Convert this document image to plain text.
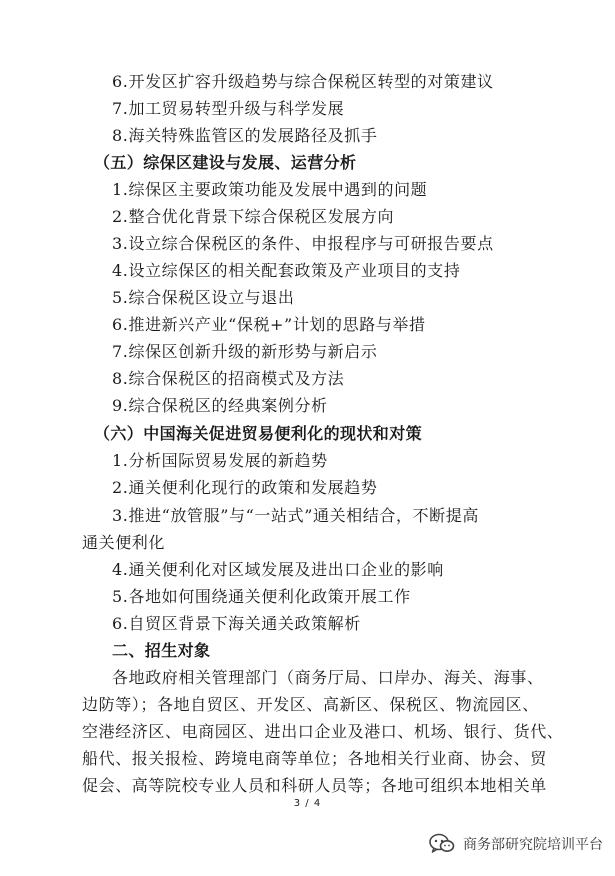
6.开发区扩容升级趋势与综合保税区转型的对策建议
7.加工贸易转型升级与科学发展
8.海关特殊监管区的发展路径及抓手
（五）综保区建设与发展、运营分析
1.综保区主要政策功能及发展中遇到的问题
2.整合优化背景下综合保税区发展方向
3.设立综合保税区的条件、申报程序与可研报告要点
4.设立综保区的相关配套政策及产业项目的支持
5.综合保税区设立与退出
6.推进新兴产业“保税+”计划的思路与举措
7.综保区创新升级的新形势与新启示
8.综合保税区的招商模式及方法
9.综合保税区的经典案例分析
（六）中国海关促进贸易便利化的现状和对策
1.分析国际贸易发展的新趋势
2.通关便利化现行的政策和发展趋势
3.推进“放管服”与“一站式”通关相结合，不断提高
通关便利化
4.通关便利化对区域发展及进出口企业的影响
5.各地如何围绕通关便利化政策开展工作
6.自贸区背景下海关通关政策解析
二、招生对象
各地政府相关管理部门（商务厅局、口岸办、海关、海事、
边防等）；各地自贸区、开发区、高新区、保税区、物流园区、
空港经济区、电商园区、进出口企业及港口、机场、银行、货代、
船代、报关报检、跨境电商等单位；各地相关行业商、协会、贸
促会、高等院校专业人员和科研人员等；各地可组织本地相关单
3 / 4
商务部研究院培训平台
